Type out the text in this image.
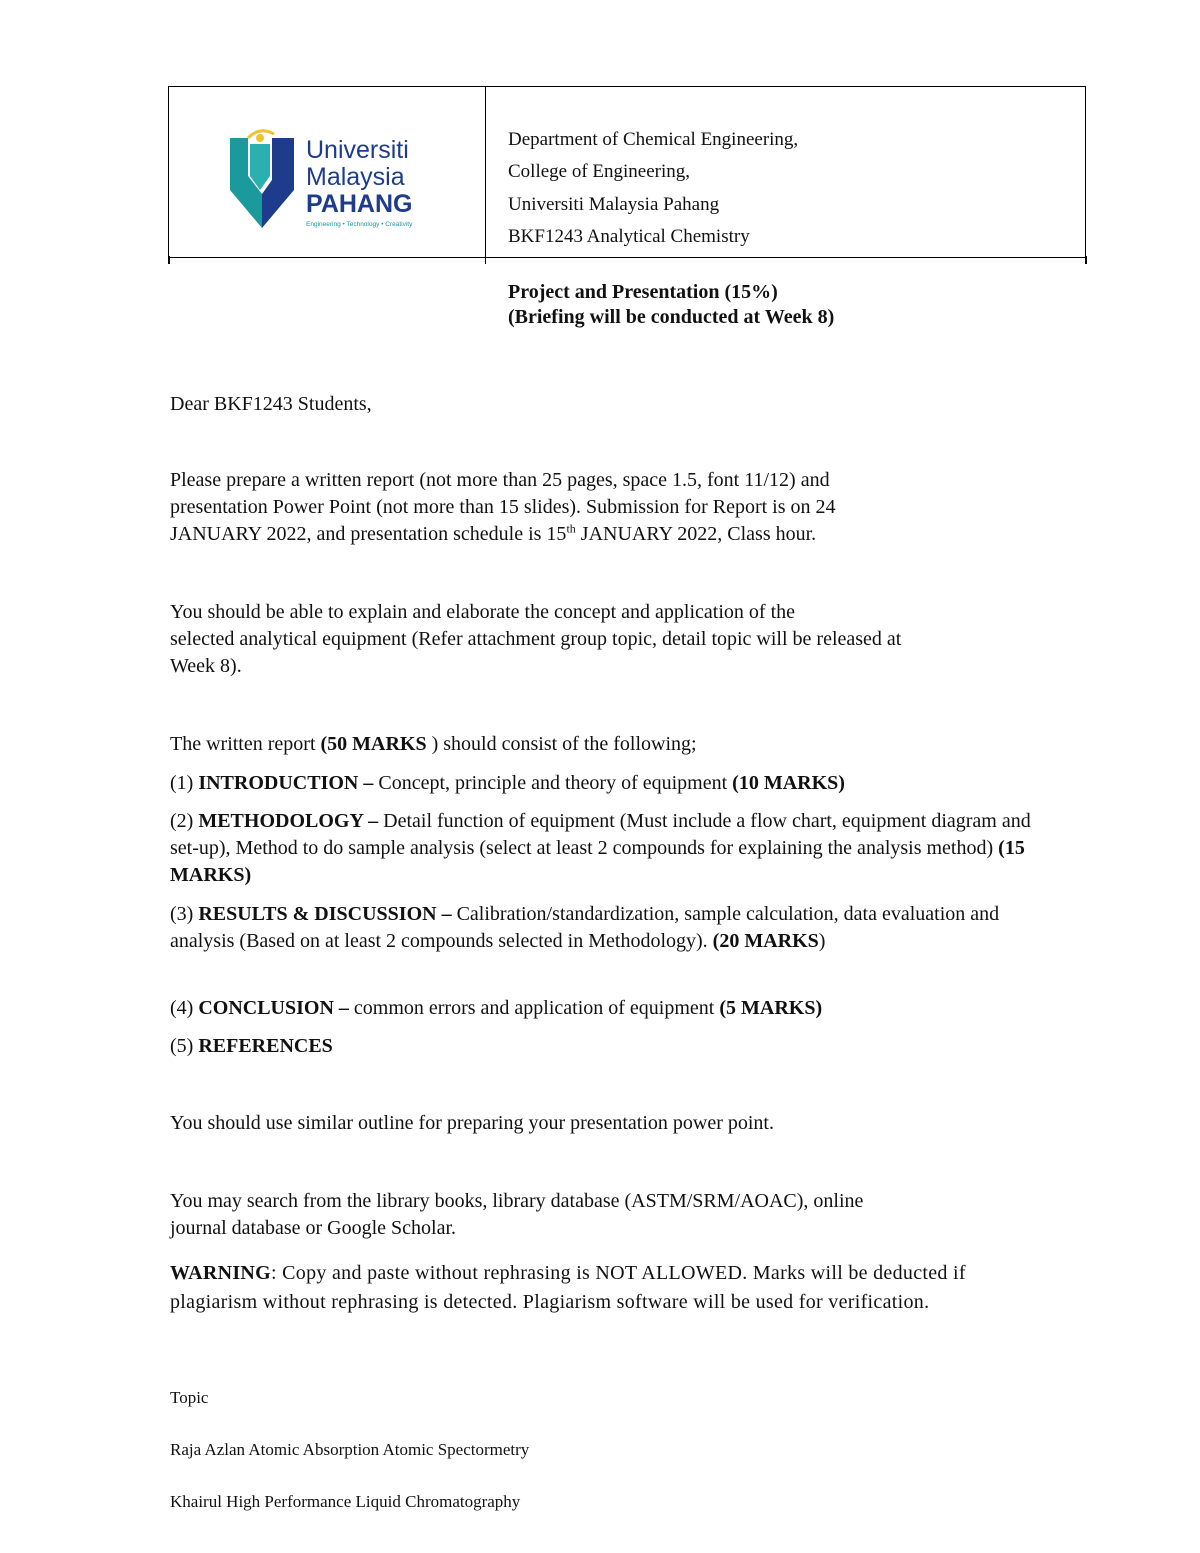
Universiti
Malaysia
PAHANG
Engineering • Technology • Creativity
Department of Chemical Engineering,
College of Engineering,
Universiti Malaysia Pahang
BKF1243 Analytical Chemistry
Project and Presentation (15%)
(Briefing will be conducted at Week 8)
Dear BKF1243 Students,

Please prepare a written report (not more than 25 pages, space 1.5, font 11/12) and

presentation Power Point (not more than 15 slides). Submission for Report is on 24

JANUARY 2022, and presentation schedule is 15th JANUARY 2022, Class hour.

You should be able to explain and elaborate the concept and application of the

selected analytical equipment (Refer attachment group topic, detail topic will be released at

Week 8).

The written report (50 MARKS ) should consist of the following;
(1) INTRODUCTION – Concept, principle and theory of equipment (10 MARKS)
(2) METHODOLOGY – Detail function of equipment (Must include a flow chart, equipment diagram and set-up), Method to do sample analysis (select at least 2 compounds for explaining the analysis method) (15 MARKS)
(3) RESULTS & DISCUSSION – Calibration/standardization, sample calculation, data evaluation and analysis (Based on at least 2 compounds selected in Methodology). (20 MARKS)
(4) CONCLUSION – common errors and application of equipment (5 MARKS)
(5) REFERENCES
You should use similar outline for preparing your presentation power point.

You may search from the library books, library database (ASTM/SRM/AOAC), online

journal database or Google Scholar.

WARNING: Copy and paste without rephrasing is NOT ALLOWED. Marks will be deducted if plagiarism without rephrasing is detected. Plagiarism software will be used for verification.
Topic
Raja Azlan Atomic Absorption Atomic Spectormetry
Khairul High Performance Liquid Chromatography
